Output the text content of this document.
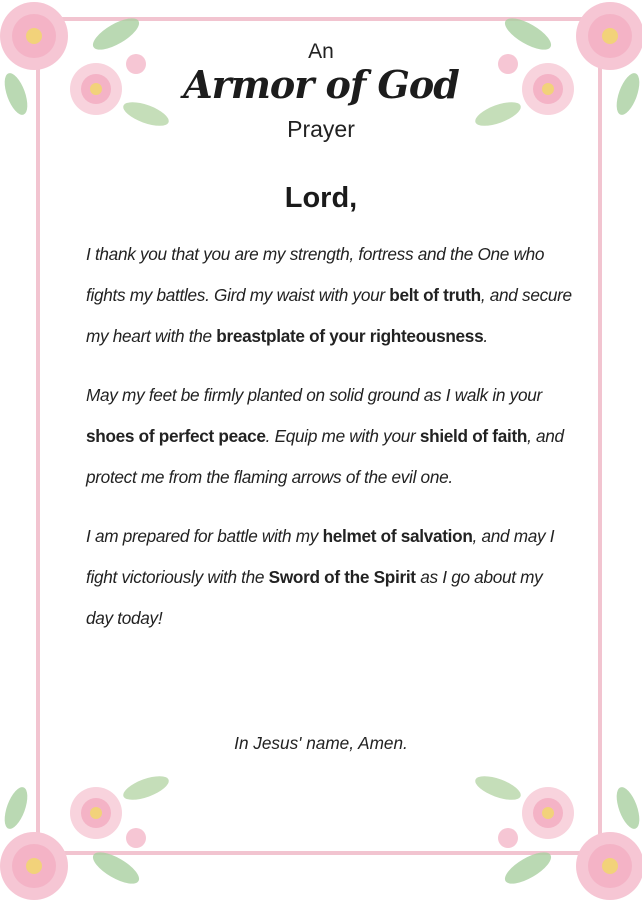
An
Armor of God
Prayer
Lord,

I thank you that you are my strength, fortress and the One who fights my battles. Gird my waist with your belt of truth, and secure my heart with the breastplate of your righteousness.

May my feet be firmly planted on solid ground as I walk in your shoes of perfect peace. Equip me with your shield of faith, and protect me from the flaming arrows of the evil one.

I am prepared for battle with my helmet of salvation, and may I fight victoriously with the Sword of the Spirit as I go about my day today!

In Jesus' name, Amen.
